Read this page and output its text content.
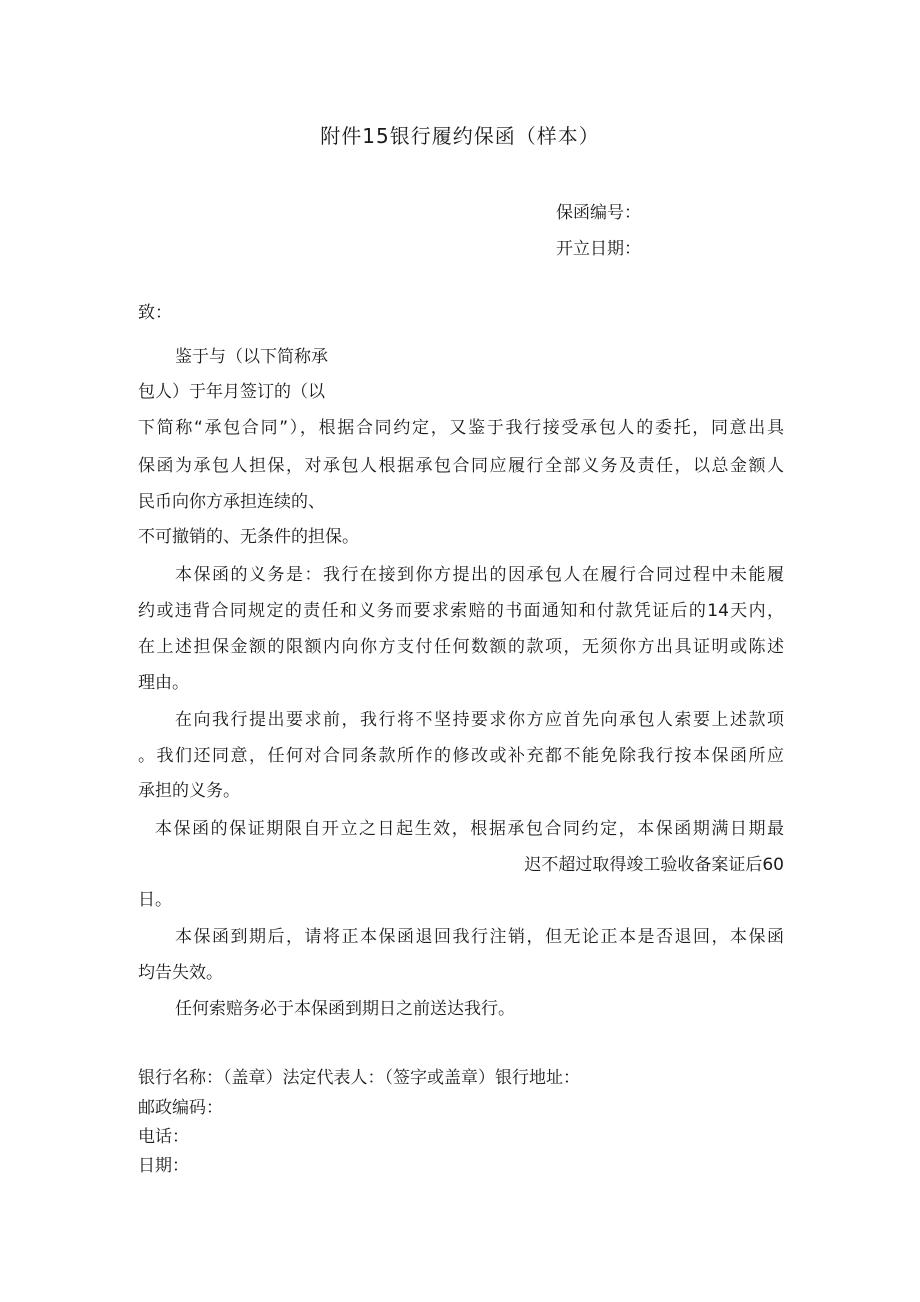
附件15银行履约保函（样本）
保函编号：
开立日期：
致：
鉴于与（以下简称承
包人）于年月签订的（以
下简称“承包合同”），根据合同约定，又鉴于我行接受承包人的委托，同意出具
保函为承包人担保，对承包人根据承包合同应履行全部义务及责任，以总金额人
民币向你方承担连续的、
不可撤销的、无条件的担保。
本保函的义务是：我行在接到你方提出的因承包人在履行合同过程中未能履
约或违背合同规定的责任和义务而要求索赔的书面通知和付款凭证后的14天内，
在上述担保金额的限额内向你方支付任何数额的款项，无须你方出具证明或陈述
理由。
在向我行提出要求前，我行将不坚持要求你方应首先向承包人索要上述款项
。我们还同意，任何对合同条款所作的修改或补充都不能免除我行按本保函所应
承担的义务。
本保函的保证期限自开立之日起生效，根据承包合同约定，本保函期满日期最
迟不超过取得竣工验收备案证后60
日。
本保函到期后，请将正本保函退回我行注销，但无论正本是否退回，本保函
均告失效。
任何索赔务必于本保函到期日之前送达我行。
银行名称：（盖章）法定代表人：（签字或盖章）银行地址：
邮政编码：
电话：
日期：
